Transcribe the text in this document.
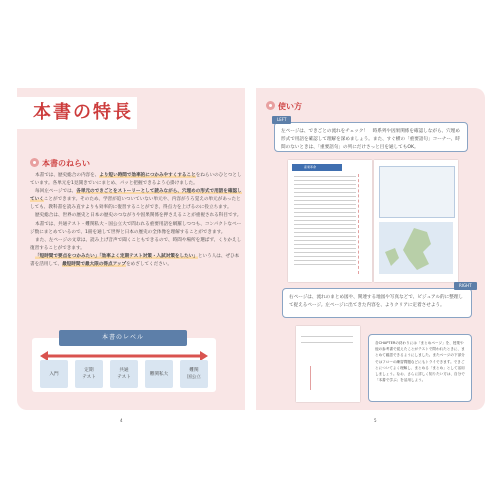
本書の特長
本書のねらい

本書では、歴史総合の内容を、より短い時間で効率的につかみやすくすることをねらいのひとつとしています。各単元を1見開きでいにまとめ、パッと把握できるよう心掛けました。

毎回左ページでは、各単元のできごとをストーリーとして読みながら、穴埋めの形式で用語を確認していくことができます。そのため、学習が追いついていない単元や、内容がうろ覚えの単元があったとしても、教科書を読み直すよりも効率的に復習することができ、得点力を上げるのに役立ちます。

歴史総合は、世界の歴史と日本の歴史のつながりや因果関係を押さえることが重視される科目です。

本書では、共通テスト・難関私大・国公立大で問われる重要用語を網羅しつつも、コンパクトなページ数にまとめているので、1冊を通して世界と日本の歴史の全体像を理解することができます。

また、左ページの文章は、読み上げ音声で聞くこともできるので、時間や場所を選ばず、くりかえし復習することができます。

「短時間で要点をつかみたい」「効率よく定期テスト対策・入試対策をしたい」という人は、ぜひ本書を活用して、最短時間で最大限の得点アップをめざしてください。

本書のレベル
入門
定期
テスト
共通
テスト
難関私大
難関
国公立
4
使い方
左ページは、できごとの流れをチェック！　時系列や因果関係を確認しながら、穴埋め形式で用語を確認して理解を深めましょう。また、すぐ横の「重要語句」コーナー、時間のないときは、「重要語句」の列にだけさっと目を通してもOK。
LEFT
産業革命
右ページは、流れのまとめ図や、関連する地図や写真などで、ビジュアル的に整理して捉えるページ。左ページに出てきた内容を、よりクリアに定着させよう。
RIGHT
各CHAPTERの終わりには「まとめページ」を、授業や他の参考書で覚えたことがテストで問われたときに、まとめて確認できるようにしました。またページの下部分ではフローの練習問題などにもトライできます。できごとについてよく理解し、まとめる「まとめ」として活用しましょう。なお、さらに詳しく知りたい方は、自分で「本書で学ぶ」を活用しよう。
5
